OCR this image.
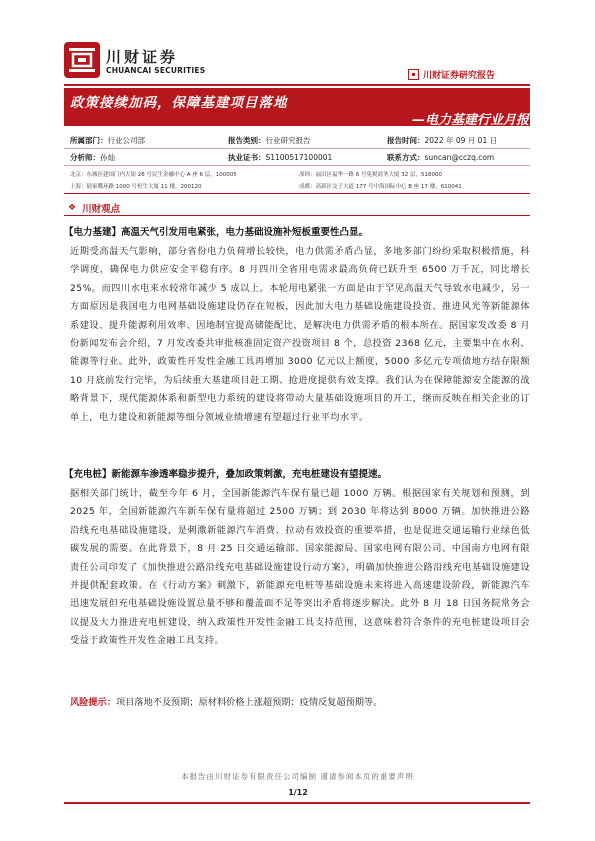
川财证券
CHUANCAI SECURITIES	▪ 川财证券研究报告
政策接续加码，保障基建项目落地
—电力基建行业月报
所属部门：行业公司部	报告类别：行业研究报告	报告时间：2022 年 09 月 01 日
分析师：孙灿	执业证书：S1100517100001	联系方式：suncan@cczq.com
北京：东城区建国门内大街 28 号民生金融中心 A 座 6 层，100005	深圳：福田区福华一路 6 号免税商务大厦 32 层，518000
上海：陆家嘴环路 1000 号恒生大厦 11 楼，200120	成都：高新区交子大道 177 号中海国际中心 B 座 17 楼，610041
❖ 川财观点
【电力基建】高温天气引发用电紧张，电力基础设施补短板重要性凸显。
近期受高温天气影响，部分省份电力负荷增长较快，电力供需矛盾凸显，多地多部门纷纷采取积极措施，科学调度，确保电力供应安全平稳有序。8 月四川全省用电需求最高负荷已跃升至 6500 万千瓦，同比增长 25%。而四川水电来水较常年减少 5 成以上。本轮用电紧张一方面是由于罕见高温天气导致水电减少，另一方面原因是我国电力电网基础设施建设仍存在短板，因此加大电力基础设施建设投资、推进风光等新能源体系建设、提升能源利用效率、因地制宜提高储能配比，是解决电力供需矛盾的根本所在。据国家发改委 8 月份新闻发布会介绍，7 月发改委共审批核准固定资产投资项目 8 个，总投资 2368 亿元，主要集中在水利、能源等行业。此外，政策性开发性金融工具再增加 3000 亿元以上额度，5000 多亿元专项债地方结存限额 10 月底前发行完毕，为后续重大基建项目赶工期、抢进度提供有效支撑。我们认为在保障能源安全能源的战略背景下，现代能源体系和新型电力系统的建设将带动大量基础设施项目的开工，继而反映在相关企业的订单上，电力建设和新能源等细分领域业绩增速有望超过行业平均水平。
【充电桩】新能源车渗透率稳步提升，叠加政策刺激，充电桩建设有望提速。
据相关部门统计，截至今年 6 月，全国新能源汽车保有量已超 1000 万辆。根据国家有关规划和预测，到 2025 年，全国新能源汽车新车保有量将超过 2500 万辆；到 2030 年将达到 8000 万辆。加快推进公路沿线充电基础设施建设，是刺激新能源汽车消费、拉动有效投资的重要举措，也是促进交通运输行业绿色低碳发展的需要。在此背景下，8 月 25 日交通运输部、国家能源局、国家电网有限公司、中国南方电网有限责任公司印发了《加快推进公路沿线充电基础设施建设行动方案》，明确加快推进公路沿线充电基础设施建设并提供配套政策。在《行动方案》刺激下，新能源充电桩等基础设施未来将进入高速建设阶段，新能源汽车迅速发展但充电基础设施设置总量不够和覆盖面不足等突出矛盾将逐步解决。此外 8 月 18 日国务院常务会议提及大力推进充电桩建设，纳入政策性开发性金融工具支持范围，这意味着符合条件的充电桩建设项目会受益于政策性开发性金融工具支持。
风险提示：项目落地不及预期；原材料价格上涨超预期；疫情反复超预期等。
本报告由川财证券有限责任公司编制 谨请参阅本页的重要声明
1/12
